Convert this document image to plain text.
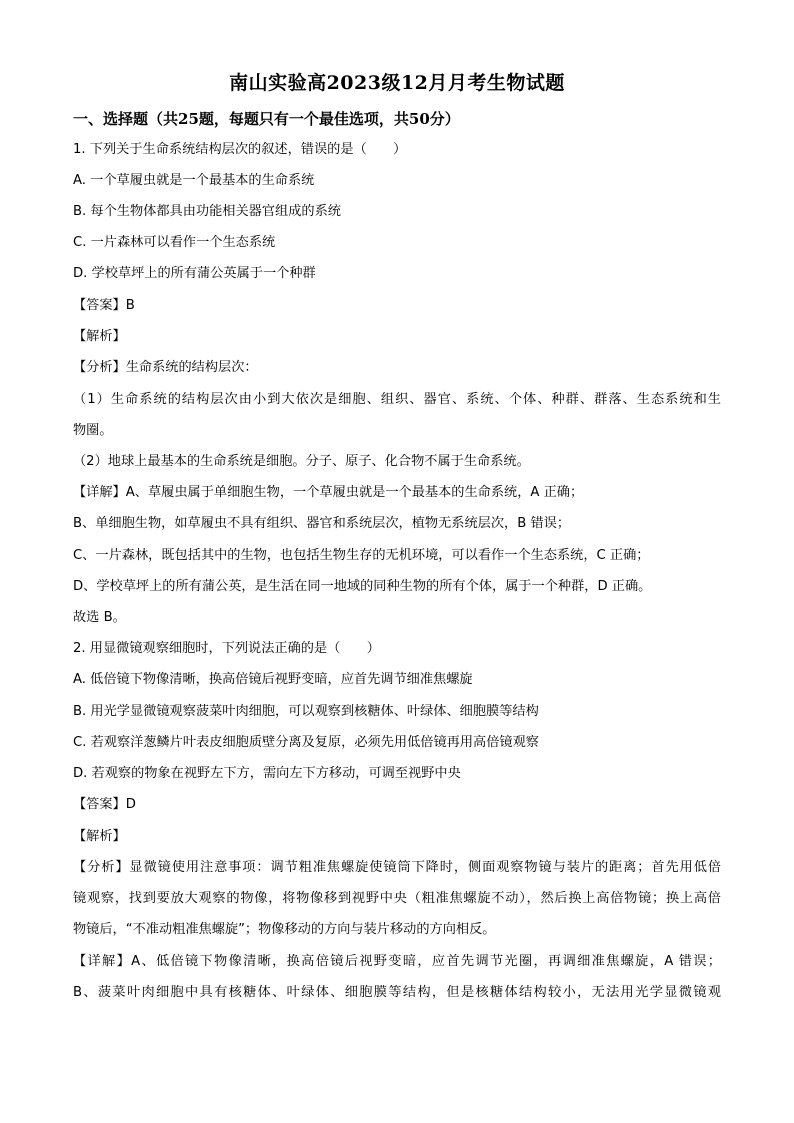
南山实验高2023级12月月考生物试题
一、选择题（共25题，每题只有一个最佳选项，共50分）
1. 下列关于生命系统结构层次的叙述，错误的是（　　）
A. 一个草履虫就是一个最基本的生命系统
B. 每个生物体都具由功能相关器官组成的系统
C. 一片森林可以看作一个生态系统
D. 学校草坪上的所有蒲公英属于一个种群
【答案】B
【解析】
【分析】生命系统的结构层次：
（1）生命系统的结构层次由小到大依次是细胞、组织、器官、系统、个体、种群、群落、生态系统和生
物圈。
（2）地球上最基本的生命系统是细胞。分子、原子、化合物不属于生命系统。
【详解】A、草履虫属于单细胞生物，一个草履虫就是一个最基本的生命系统，A 正确；
B、单细胞生物，如草履虫不具有组织、器官和系统层次，植物无系统层次，B 错误；
C、一片森林，既包括其中的生物，也包括生物生存的无机环境，可以看作一个生态系统，C 正确；
D、学校草坪上的所有蒲公英，是生活在同一地域的同种生物的所有个体，属于一个种群，D 正确。
故选 B。
2. 用显微镜观察细胞时，下列说法正确的是（　　）
A. 低倍镜下物像清晰，换高倍镜后视野变暗，应首先调节细准焦螺旋
B. 用光学显微镜观察菠菜叶肉细胞，可以观察到核糖体、叶绿体、细胞膜等结构
C. 若观察洋葱鳞片叶表皮细胞质壁分离及复原，必须先用低倍镜再用高倍镜观察
D. 若观察的物象在视野左下方，需向左下方移动，可调至视野中央
【答案】D
【解析】
【分析】显微镜使用注意事项：调节粗准焦螺旋使镜筒下降时，侧面观察物镜与装片的距离；首先用低倍
镜观察，找到要放大观察的物像，将物像移到视野中央（粗准焦螺旋不动），然后换上高倍物镜；换上高倍
物镜后，“不准动粗准焦螺旋”；物像移动的方向与装片移动的方向相反。
【详解】A、低倍镜下物像清晰，换高倍镜后视野变暗，应首先调节光圈，再调细准焦螺旋，A 错误；
B、菠菜叶肉细胞中具有核糖体、叶绿体、细胞膜等结构，但是核糖体结构较小，无法用光学显微镜观
